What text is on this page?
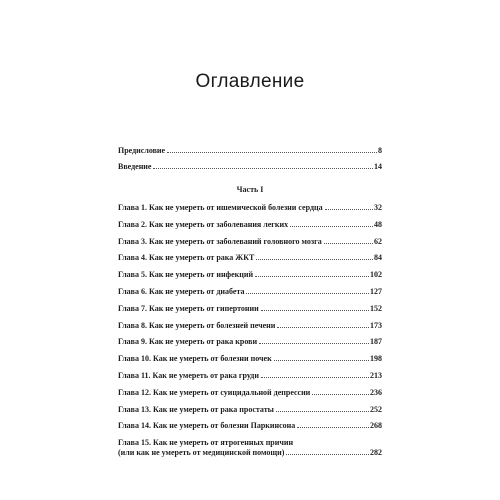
Оглавление
Предисловие	8
Введение	14
Часть I
Глава 1. Как не умереть от ишемической болезни сердца	32
Глава 2. Как не умереть от заболевания легких	48
Глава 3. Как не умереть от заболеваний головного мозга	62
Глава 4. Как не умереть от рака ЖКТ	84
Глава 5. Как не умереть от инфекций	102
Глава 6. Как не умереть от диабета	127
Глава 7. Как не умереть от гипертонии	152
Глава 8. Как не умереть от болезней печени	173
Глава 9. Как не умереть от рака крови	187
Глава 10. Как не умереть от болезни почек	198
Глава 11. Как не умереть от рака груди	213
Глава 12. Как не умереть от суицидальной депрессии	236
Глава 13. Как не умереть от рака простаты	252
Глава 14. Как не умереть от болезни Паркинсона	268
Глава 15. Как не умереть от ятрогенных причин
(или как не умереть от медицинской помощи)	282
